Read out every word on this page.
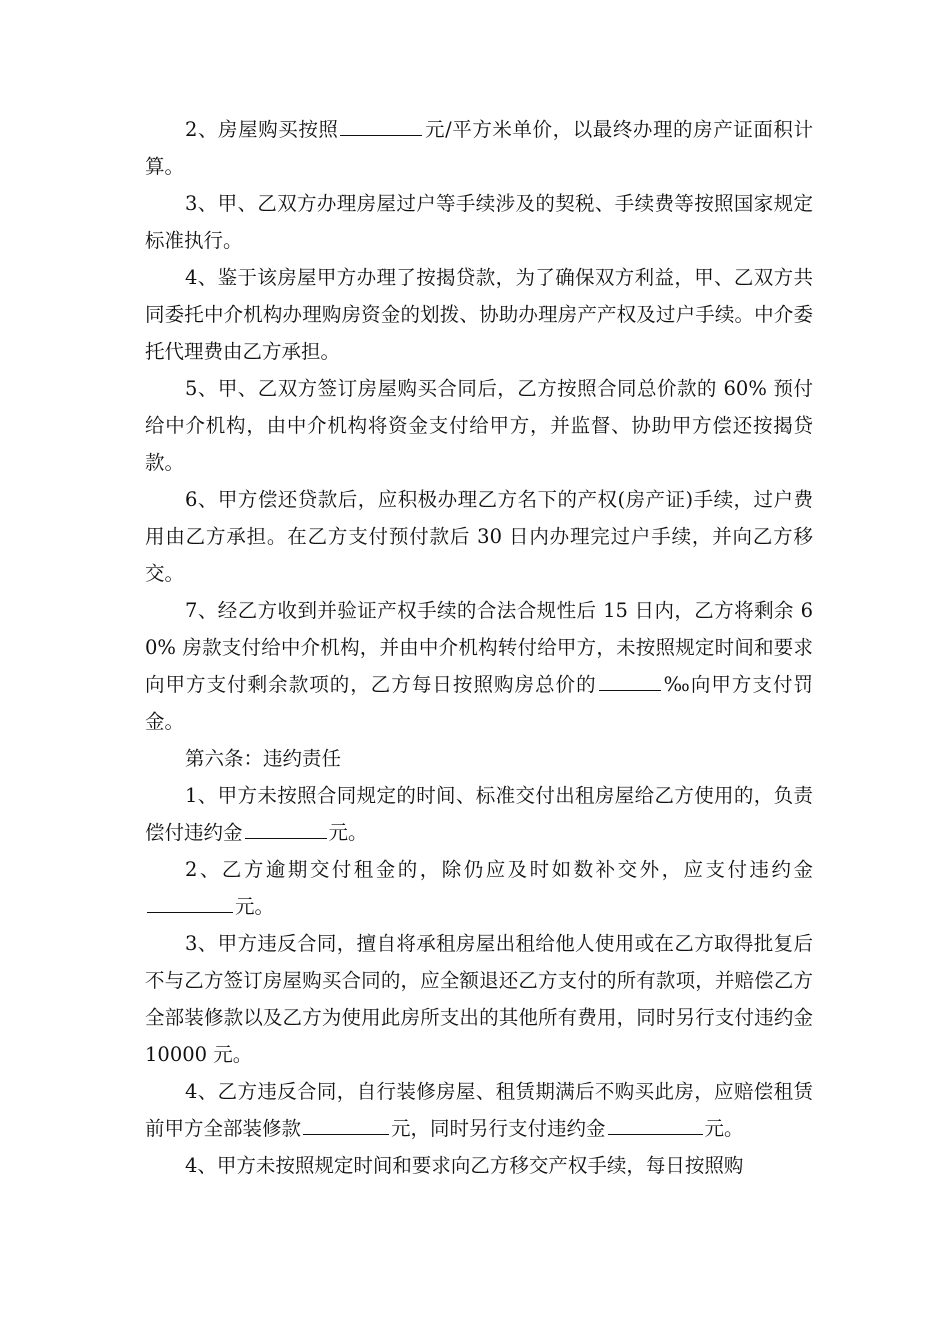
2、房屋购买按照	元/平方米单价，以最终办理的房产证面积计算。

3、甲、乙双方办理房屋过户等手续涉及的契税、手续费等按照国家规定标准执行。

4、鉴于该房屋甲方办理了按揭贷款，为了确保双方利益，甲、乙双方共同委托中介机构办理购房资金的划拨、协助办理房产产权及过户手续。中介委托代理费由乙方承担。

5、甲、乙双方签订房屋购买合同后，乙方按照合同总价款的 60% 预付给中介机构，由中介机构将资金支付给甲方，并监督、协助甲方偿还按揭贷款。

6、甲方偿还贷款后，应积极办理乙方名下的产权(房产证)手续，过户费用由乙方承担。在乙方支付预付款后 30 日内办理完过户手续，并向乙方移交。

7、经乙方收到并验证产权手续的合法合规性后 15 日内，乙方将剩余 60% 房款支付给中介机构，并由中介机构转付给甲方，未按照规定时间和要求向甲方支付剩余款项的，乙方每日按照购房总价的	‰向甲方支付罚金。

第六条：违约责任

1、甲方未按照合同规定的时间、标准交付出租房屋给乙方使用的，负责偿付违约金	元。

2、乙方逾期交付租金的，除仍应及时如数补交外，应支付违约金元。

3、甲方违反合同，擅自将承租房屋出租给他人使用或在乙方取得批复后不与乙方签订房屋购买合同的，应全额退还乙方支付的所有款项，并赔偿乙方全部装修款以及乙方为使用此房所支出的其他所有费用，同时另行支付违约金 10000 元。

4、乙方违反合同，自行装修房屋、租赁期满后不购买此房，应赔偿租赁前甲方全部装修款	元，同时另行支付违约金	元。

4、甲方未按照规定时间和要求向乙方移交产权手续，每日按照购
